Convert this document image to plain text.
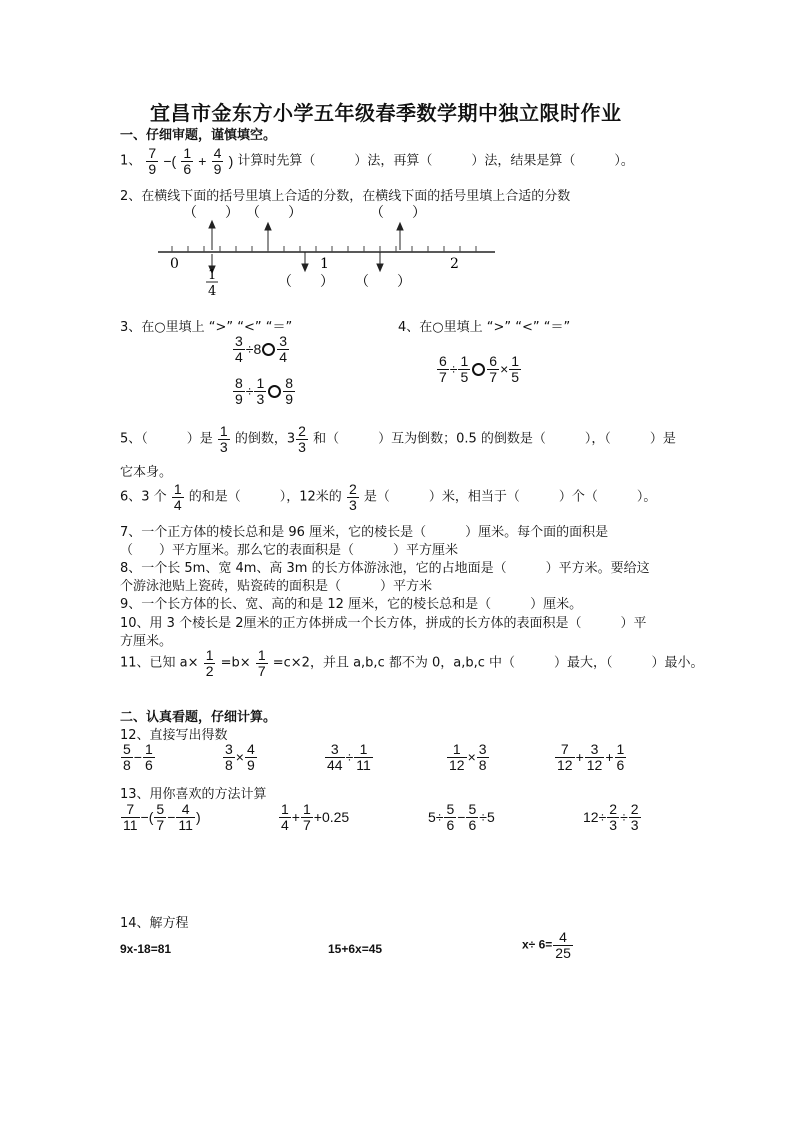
宜昌市金东方小学五年级春季数学期中独立限时作业
一、仔细审题，谨慎填空。
1、 $\frac{7}{9}$ −( $\frac{1}{6} + \frac{4}{9}$ ) 计算时先算（　　　）法，再算（　　　）法，结果是算（　　　）。
2、在横线下面的括号里填上合适的分数，在横线下面的括号里填上合适的分数
（　　） （　　）	（　　）
0	1	2
1
4
（　　） （　　）
3、在○里填上 “>” “<” “＝”	4、在○里填上 “>” “<” “＝”
$\frac{3}{4} \div 8 \frac{3}{4}$
$\frac{8}{9} \div \frac{1}{3} \frac{8}{9}$
$\frac{6}{7} \div \frac{1}{5} \frac{6}{7} \times \frac{1}{5}$
5、（　　　）是 $\frac{1}{3}$ 的倒数，$3 \frac{2}{3}$ 和（　　　）互为倒数；0.5 的倒数是（　　　），（　　　）是
它本身。
6、3 个 $\frac{1}{4}$ 的和是（　　　），12米的 $\frac{2}{3}$ 是（　　　）米，相当于（　　　）个（　　　）。
7、一个正方体的棱长总和是 96 厘米，它的棱长是（　　　）厘米。每个面的面积是
（　　）平方厘米。那么它的表面积是（　　　）平方厘米
8、一个长 5m、宽 4m、高 3m 的长方体游泳池，它的占地面是（　　　）平方米。要给这
个游泳池贴上瓷砖，贴瓷砖的面积是（　　　）平方米
9、一个长方体的长、宽、高的和是 12 厘米，它的棱长总和是（　　　）厘米。
10、用 3 个棱长是 2厘米的正方体拼成一个长方体，拼成的长方体的表面积是（　　　）平
方厘米。
11、已知 $a\times \frac{1}{2} =b\times \frac{1}{7} =c\times 2$，并且 a,b,c 都不为 0，a,b,c 中（　　　）最大，（　　　）最小。
二、认真看题，仔细计算。
12、直接写出得数
$\frac{5}{8} - \frac{1}{6}$	$\frac{3}{8} \times \frac{4}{9}$	$\frac{3}{44} \div \frac{1}{11}$	$\frac{1}{12} \times \frac{3}{8}$	$\frac{7}{12} + \frac{3}{12} + \frac{1}{6}$
13、用你喜欢的方法计算
$\frac{7}{11}$ −( $\frac{5}{7} - \frac{4}{11}$ )	$\frac{1}{4} + \frac{1}{7} +0.25$	$5\div \frac{5}{6} - \frac{5}{6} \div 5$	$12\div \frac{2}{3} \div \frac{2}{3}$
14、解方程
9x-18=81	15+6x=45	$x\div 6= \frac{4}{25}$
